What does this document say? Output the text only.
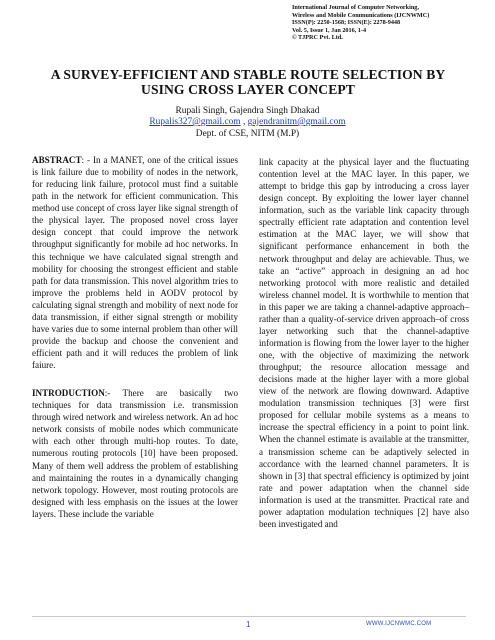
International Journal of Computer Networking,
Wireless and Mobile Communications (IJCNWMC)
ISSN(P): 2250-1568; ISSN(E): 2278-9448
Vol. 5, Issue 1, Jan 2016, 1-4
© TJPRC Pvt. Ltd.
A SURVEY-EFFICIENT AND STABLE ROUTE SELECTION BY
USING CROSS LAYER CONCEPT
Rupali Singh, Gajendra Singh Dhakad
Rupalis327@gmail.com , gajendranitm@gmail.com
Dept. of CSE, NITM (M.P)

ABSTRACT: - In a MANET, one of the critical issues is link failure due to mobility of nodes in the network, for reducing link failure, protocol must find a suitable path in the network for efficient communication. This method use concept of cross layer like signal strength of the physical layer. The proposed novel cross layer design concept that could improve the network throughput significantly for mobile ad hoc networks. In this technique we have calculated signal strength and mobility for choosing the strongest efficient and stable path for data transmission. This novel algorithm tries to improve the problems held in AODV protocol by calculating signal strength and mobility of next node for data transmission, if either signal strength or mobility have varies due to some internal problem than other will provide the backup and choose the convenient and efficient path and it will reduces the problem of link faiure.

INTRODUCTION:- There are basically two techniques for data transmission i.e. transmission through wired network and wireless network. An ad hoc network consists of mobile nodes which communicate with each other through multi-hop routes. To date, numerous routing protocols [10] have been proposed. Many of them well address the problem of establishing and maintaining the routes in a dynamically changing network topology. However, most routing protocols are designed with less emphasis on the issues at the lower layers. These include the variable

link capacity at the physical layer and the fluctuating contention level at the MAC layer. In this paper, we attempt to bridge this gap by introducing a cross layer design concept. By exploiting the lower layer channel information, such as the variable link capacity through spectrally efficient rate adaptation and contention level estimation at the MAC layer, we will show that significant performance enhancement in both the network throughput and delay are achievable. Thus, we take an “active” approach in designing an ad hoc networking protocol with more realistic and detailed wireless channel model. It is worthwhile to mention that in this paper we are taking a channel-adaptive approach– rather than a quality-of-service driven approach–of cross layer networking such that the channel-adaptive information is flowing from the lower layer to the higher one, with the objective of maximizing the network throughput; the resource allocation message and decisions made at the higher layer with a more global view of the network are flowing downward. Adaptive modulation transmission techniques [3] were first proposed for cellular mobile systems as a means to increase the spectral efficiency in a point to point link. When the channel estimate is available at the transmitter, a transmission scheme can be adaptively selected in accordance with the learned channel parameters. It is shown in [3] that spectral efficiency is optimized by joint rate and power adaptation when the channel side information is used at the transmitter. Practical rate and power adaptation modulation techniques [2] have also been investigated and

1	WWW.IJCNWMC.COM
